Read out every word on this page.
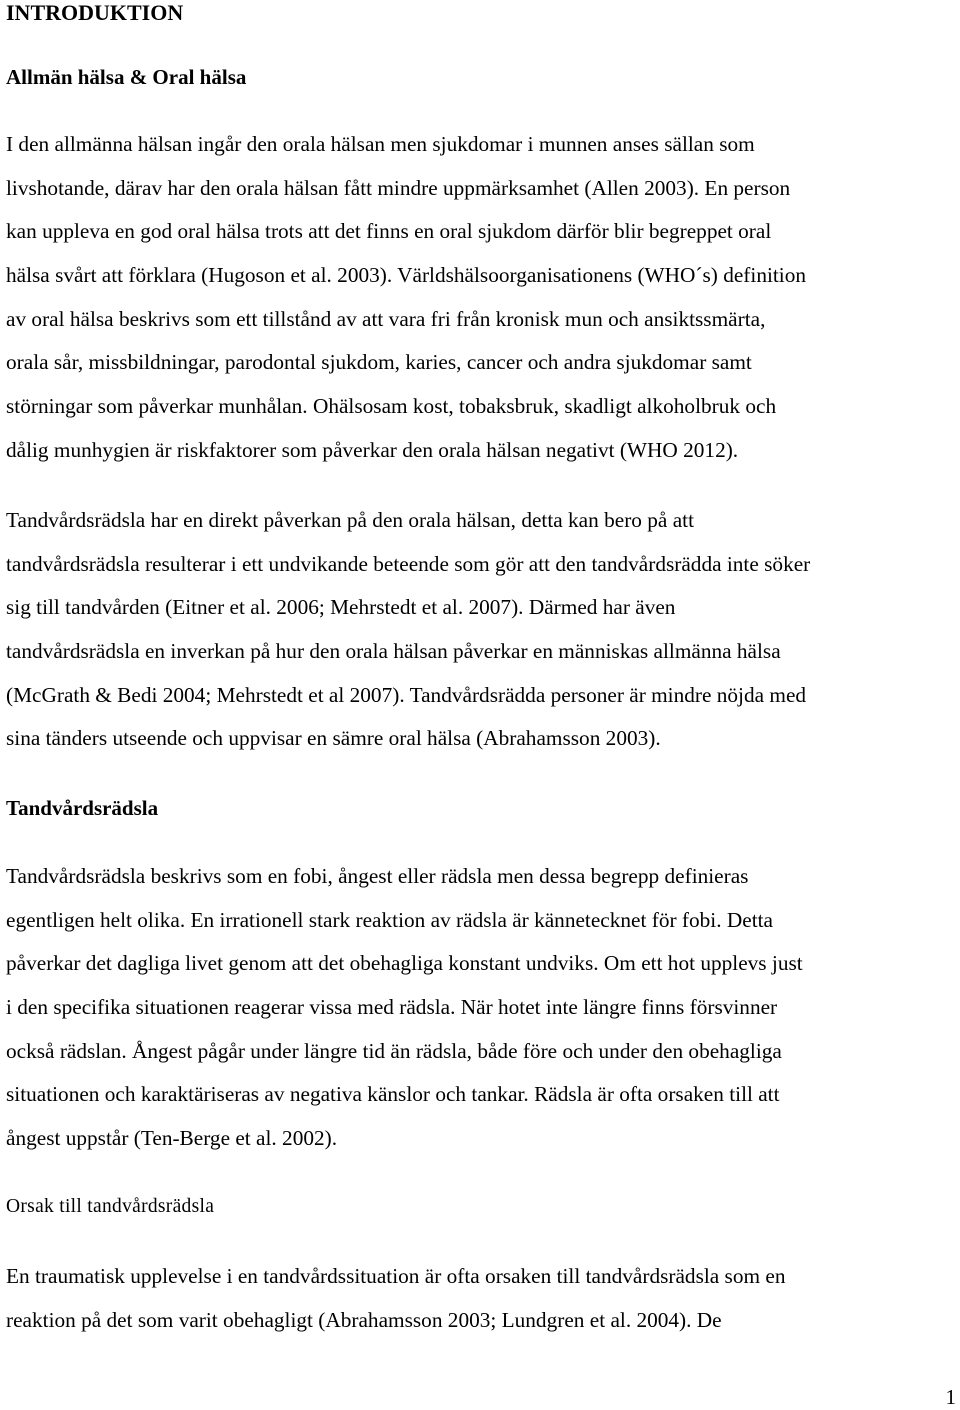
INTRODUKTION
Allmän hälsa & Oral hälsa
I den allmänna hälsan ingår den orala hälsan men sjukdomar i munnen anses sällan som
livshotande, därav har den orala hälsan fått mindre uppmärksamhet (Allen 2003). En person
kan uppleva en god oral hälsa trots att det finns en oral sjukdom därför blir begreppet oral
hälsa svårt att förklara (Hugoson et al. 2003). Världshälsoorganisationens (WHO´s) definition
av oral hälsa beskrivs som ett tillstånd av att vara fri från kronisk mun och ansiktssmärta,
orala sår, missbildningar, parodontal sjukdom, karies, cancer och andra sjukdomar samt
störningar som påverkar munhålan. Ohälsosam kost, tobaksbruk, skadligt alkoholbruk och
dålig munhygien är riskfaktorer som påverkar den orala hälsan negativt (WHO 2012).
Tandvårdsrädsla har en direkt påverkan på den orala hälsan, detta kan bero på att
tandvårdsrädsla resulterar i ett undvikande beteende som gör att den tandvårdsrädda inte söker
sig till tandvården (Eitner et al. 2006; Mehrstedt et al. 2007). Därmed har även
tandvårdsrädsla en inverkan på hur den orala hälsan påverkar en människas allmänna hälsa
(McGrath & Bedi 2004; Mehrstedt et al 2007). Tandvårdsrädda personer är mindre nöjda med
sina tänders utseende och uppvisar en sämre oral hälsa (Abrahamsson 2003).
Tandvårdsrädsla
Tandvårdsrädsla beskrivs som en fobi, ångest eller rädsla men dessa begrepp definieras
egentligen helt olika. En irrationell stark reaktion av rädsla är kännetecknet för fobi. Detta
påverkar det dagliga livet genom att det obehagliga konstant undviks. Om ett hot upplevs just
i den specifika situationen reagerar vissa med rädsla. När hotet inte längre finns försvinner
också rädslan. Ångest pågår under längre tid än rädsla, både före och under den obehagliga
situationen och karaktäriseras av negativa känslor och tankar. Rädsla är ofta orsaken till att
ångest uppstår (Ten-Berge et al. 2002).
Orsak till tandvårdsrädsla
En traumatisk upplevelse i en tandvårdssituation är ofta orsaken till tandvårdsrädsla som en
reaktion på det som varit obehagligt (Abrahamsson 2003; Lundgren et al. 2004). De
1
